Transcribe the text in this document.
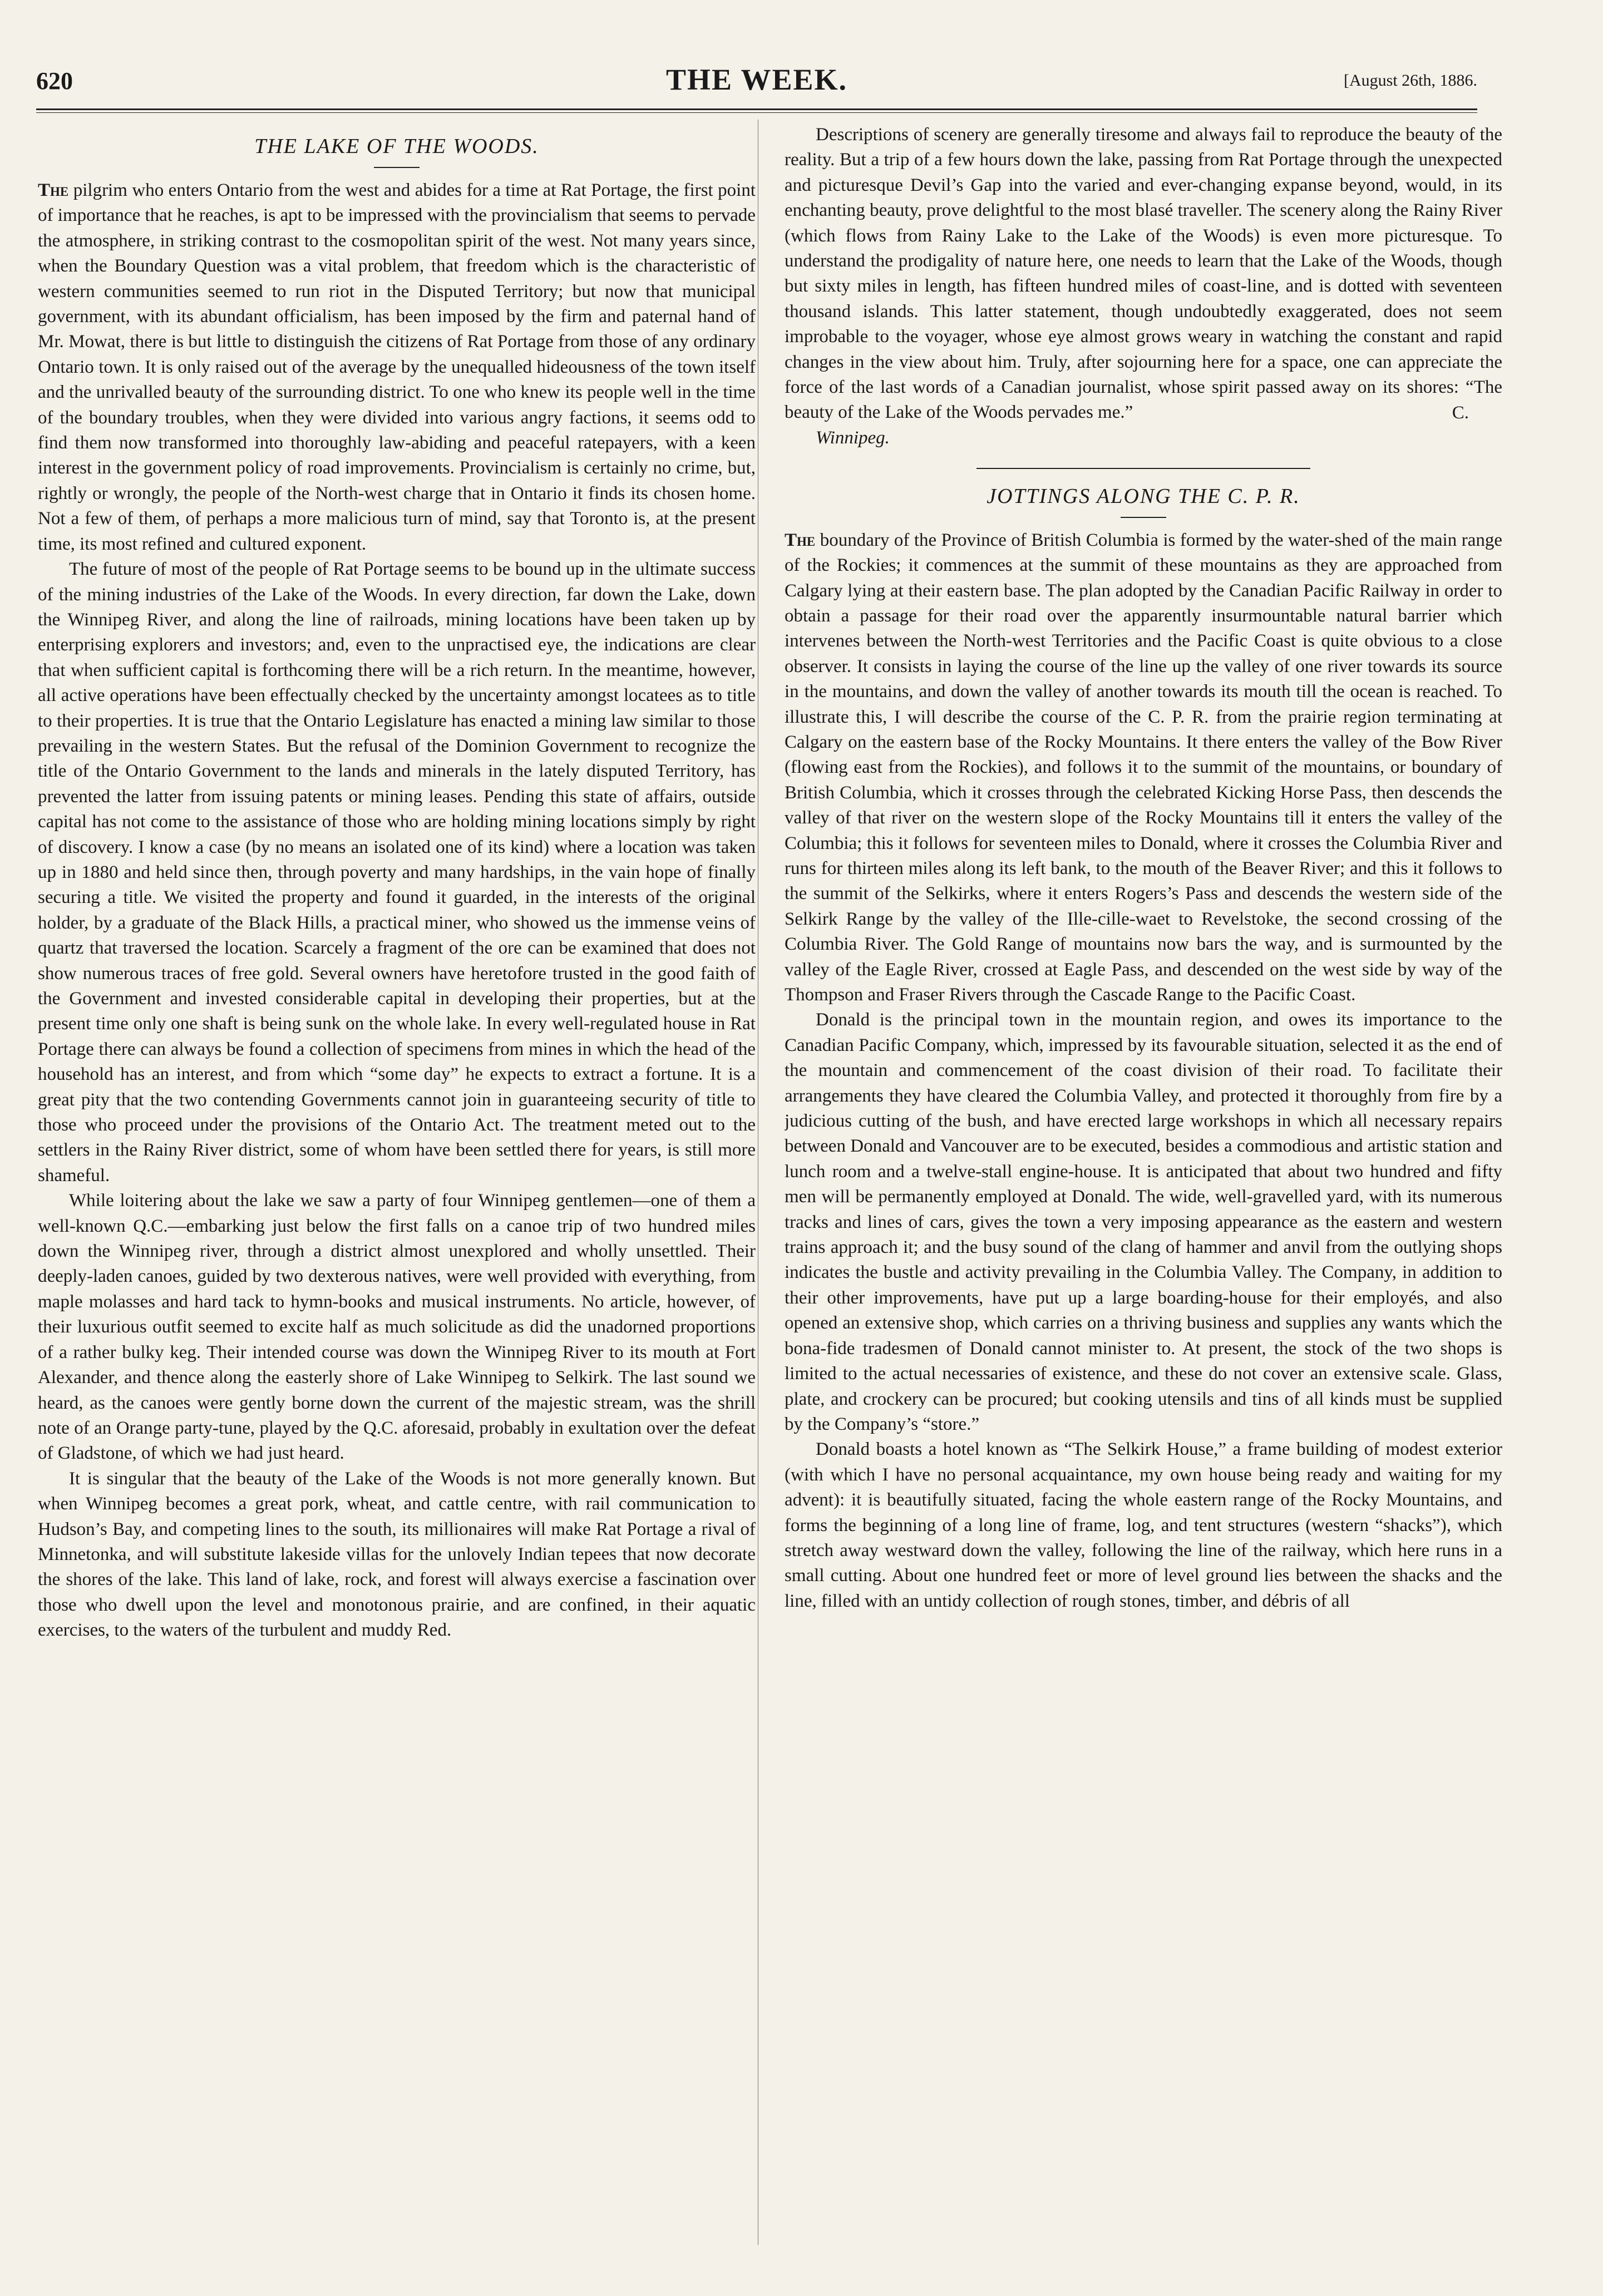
620	THE WEEK.	[August 26th, 1886.
THE LAKE OF THE WOODS.

The pilgrim who enters Ontario from the west and abides for a time at Rat Portage, the first point of importance that he reaches, is apt to be impressed with the provincialism that seems to pervade the atmosphere, in striking contrast to the cosmopolitan spirit of the west. Not many years since, when the Boundary Question was a vital problem, that freedom which is the characteristic of western communities seemed to run riot in the Disputed Territory; but now that municipal government, with its abundant officialism, has been imposed by the firm and paternal hand of Mr. Mowat, there is but little to distinguish the citizens of Rat Portage from those of any ordinary Ontario town. It is only raised out of the average by the unequalled hideousness of the town itself and the unrivalled beauty of the surrounding district. To one who knew its people well in the time of the boundary troubles, when they were divided into various angry factions, it seems odd to find them now transformed into thoroughly law-abiding and peaceful ratepayers, with a keen interest in the government policy of road improvements. Provincialism is certainly no crime, but, rightly or wrongly, the people of the North-west charge that in Ontario it finds its chosen home. Not a few of them, of perhaps a more malicious turn of mind, say that Toronto is, at the present time, its most refined and cultured exponent.

The future of most of the people of Rat Portage seems to be bound up in the ultimate success of the mining industries of the Lake of the Woods. In every direction, far down the Lake, down the Winnipeg River, and along the line of railroads, mining locations have been taken up by enterprising explorers and investors; and, even to the unpractised eye, the indications are clear that when sufficient capital is forthcoming there will be a rich return. In the meantime, however, all active operations have been effectually checked by the uncertainty amongst locatees as to title to their properties. It is true that the Ontario Legislature has enacted a mining law similar to those prevailing in the western States. But the refusal of the Dominion Government to recognize the title of the Ontario Government to the lands and minerals in the lately disputed Territory, has prevented the latter from issuing patents or mining leases. Pending this state of affairs, outside capital has not come to the assistance of those who are holding mining locations simply by right of discovery. I know a case (by no means an isolated one of its kind) where a location was taken up in 1880 and held since then, through poverty and many hardships, in the vain hope of finally securing a title. We visited the property and found it guarded, in the interests of the original holder, by a graduate of the Black Hills, a practical miner, who showed us the immense veins of quartz that traversed the location. Scarcely a fragment of the ore can be examined that does not show numerous traces of free gold. Several owners have heretofore trusted in the good faith of the Government and invested considerable capital in developing their properties, but at the present time only one shaft is being sunk on the whole lake. In every well-regulated house in Rat Portage there can always be found a collection of specimens from mines in which the head of the household has an interest, and from which “some day” he expects to extract a fortune. It is a great pity that the two contending Governments cannot join in guaranteeing security of title to those who proceed under the provisions of the Ontario Act. The treatment meted out to the settlers in the Rainy River district, some of whom have been settled there for years, is still more shameful.

While loitering about the lake we saw a party of four Winnipeg gentlemen—one of them a well-known Q.C.—embarking just below the first falls on a canoe trip of two hundred miles down the Winnipeg river, through a district almost unexplored and wholly unsettled. Their deeply-laden canoes, guided by two dexterous natives, were well provided with everything, from maple molasses and hard tack to hymn-books and musical instruments. No article, however, of their luxurious outfit seemed to excite half as much solicitude as did the unadorned proportions of a rather bulky keg. Their intended course was down the Winnipeg River to its mouth at Fort Alexander, and thence along the easterly shore of Lake Winnipeg to Selkirk. The last sound we heard, as the canoes were gently borne down the current of the majestic stream, was the shrill note of an Orange party-tune, played by the Q.C. aforesaid, probably in exultation over the defeat of Gladstone, of which we had just heard.

It is singular that the beauty of the Lake of the Woods is not more generally known. But when Winnipeg becomes a great pork, wheat, and cattle centre, with rail communication to Hudson’s Bay, and competing lines to the south, its millionaires will make Rat Portage a rival of Minnetonka, and will substitute lakeside villas for the unlovely Indian tepees that now decorate the shores of the lake. This land of lake, rock, and forest will always exercise a fascination over those who dwell upon the level and monotonous prairie, and are confined, in their aquatic exercises, to the waters of the turbulent and muddy Red.

Descriptions of scenery are generally tiresome and always fail to reproduce the beauty of the reality. But a trip of a few hours down the lake, passing from Rat Portage through the unexpected and picturesque Devil’s Gap into the varied and ever-changing expanse beyond, would, in its enchanting beauty, prove delightful to the most blasé traveller. The scenery along the Rainy River (which flows from Rainy Lake to the Lake of the Woods) is even more picturesque. To understand the prodigality of nature here, one needs to learn that the Lake of the Woods, though but sixty miles in length, has fifteen hundred miles of coast-line, and is dotted with seventeen thousand islands. This latter statement, though undoubtedly exaggerated, does not seem improbable to the voyager, whose eye almost grows weary in watching the constant and rapid changes in the view about him. Truly, after sojourning here for a space, one can appreciate the force of the last words of a Canadian journalist, whose spirit passed away on its shores: “The beauty of the Lake of the Woods pervades me.”	C.

Winnipeg.

JOTTINGS ALONG THE C. P. R.

The boundary of the Province of British Columbia is formed by the water-shed of the main range of the Rockies; it commences at the summit of these mountains as they are approached from Calgary lying at their eastern base. The plan adopted by the Canadian Pacific Railway in order to obtain a passage for their road over the apparently insurmountable natural barrier which intervenes between the North-west Territories and the Pacific Coast is quite obvious to a close observer. It consists in laying the course of the line up the valley of one river towards its source in the mountains, and down the valley of another towards its mouth till the ocean is reached. To illustrate this, I will describe the course of the C. P. R. from the prairie region terminating at Calgary on the eastern base of the Rocky Mountains. It there enters the valley of the Bow River (flowing east from the Rockies), and follows it to the summit of the mountains, or boundary of British Columbia, which it crosses through the celebrated Kicking Horse Pass, then descends the valley of that river on the western slope of the Rocky Mountains till it enters the valley of the Columbia; this it follows for seventeen miles to Donald, where it crosses the Columbia River and runs for thirteen miles along its left bank, to the mouth of the Beaver River; and this it follows to the summit of the Selkirks, where it enters Rogers’s Pass and descends the western side of the Selkirk Range by the valley of the Ille-cille-waet to Revelstoke, the second crossing of the Columbia River. The Gold Range of mountains now bars the way, and is surmounted by the valley of the Eagle River, crossed at Eagle Pass, and descended on the west side by way of the Thompson and Fraser Rivers through the Cascade Range to the Pacific Coast.

Donald is the principal town in the mountain region, and owes its importance to the Canadian Pacific Company, which, impressed by its favourable situation, selected it as the end of the mountain and commencement of the coast division of their road. To facilitate their arrangements they have cleared the Columbia Valley, and protected it thoroughly from fire by a judicious cutting of the bush, and have erected large workshops in which all necessary repairs between Donald and Vancouver are to be executed, besides a commodious and artistic station and lunch room and a twelve-stall engine-house. It is anticipated that about two hundred and fifty men will be permanently employed at Donald. The wide, well-gravelled yard, with its numerous tracks and lines of cars, gives the town a very imposing appearance as the eastern and western trains approach it; and the busy sound of the clang of hammer and anvil from the outlying shops indicates the bustle and activity prevailing in the Columbia Valley. The Company, in addition to their other improvements, have put up a large boarding-house for their employés, and also opened an extensive shop, which carries on a thriving business and supplies any wants which the bona-fide tradesmen of Donald cannot minister to. At present, the stock of the two shops is limited to the actual necessaries of existence, and these do not cover an extensive scale. Glass, plate, and crockery can be procured; but cooking utensils and tins of all kinds must be supplied by the Company’s “store.”

Donald boasts a hotel known as “The Selkirk House,” a frame building of modest exterior (with which I have no personal acquaintance, my own house being ready and waiting for my advent): it is beautifully situated, facing the whole eastern range of the Rocky Mountains, and forms the beginning of a long line of frame, log, and tent structures (western “shacks”), which stretch away westward down the valley, following the line of the railway, which here runs in a small cutting. About one hundred feet or more of level ground lies between the shacks and the line, filled with an untidy collection of rough stones, timber, and débris of all
